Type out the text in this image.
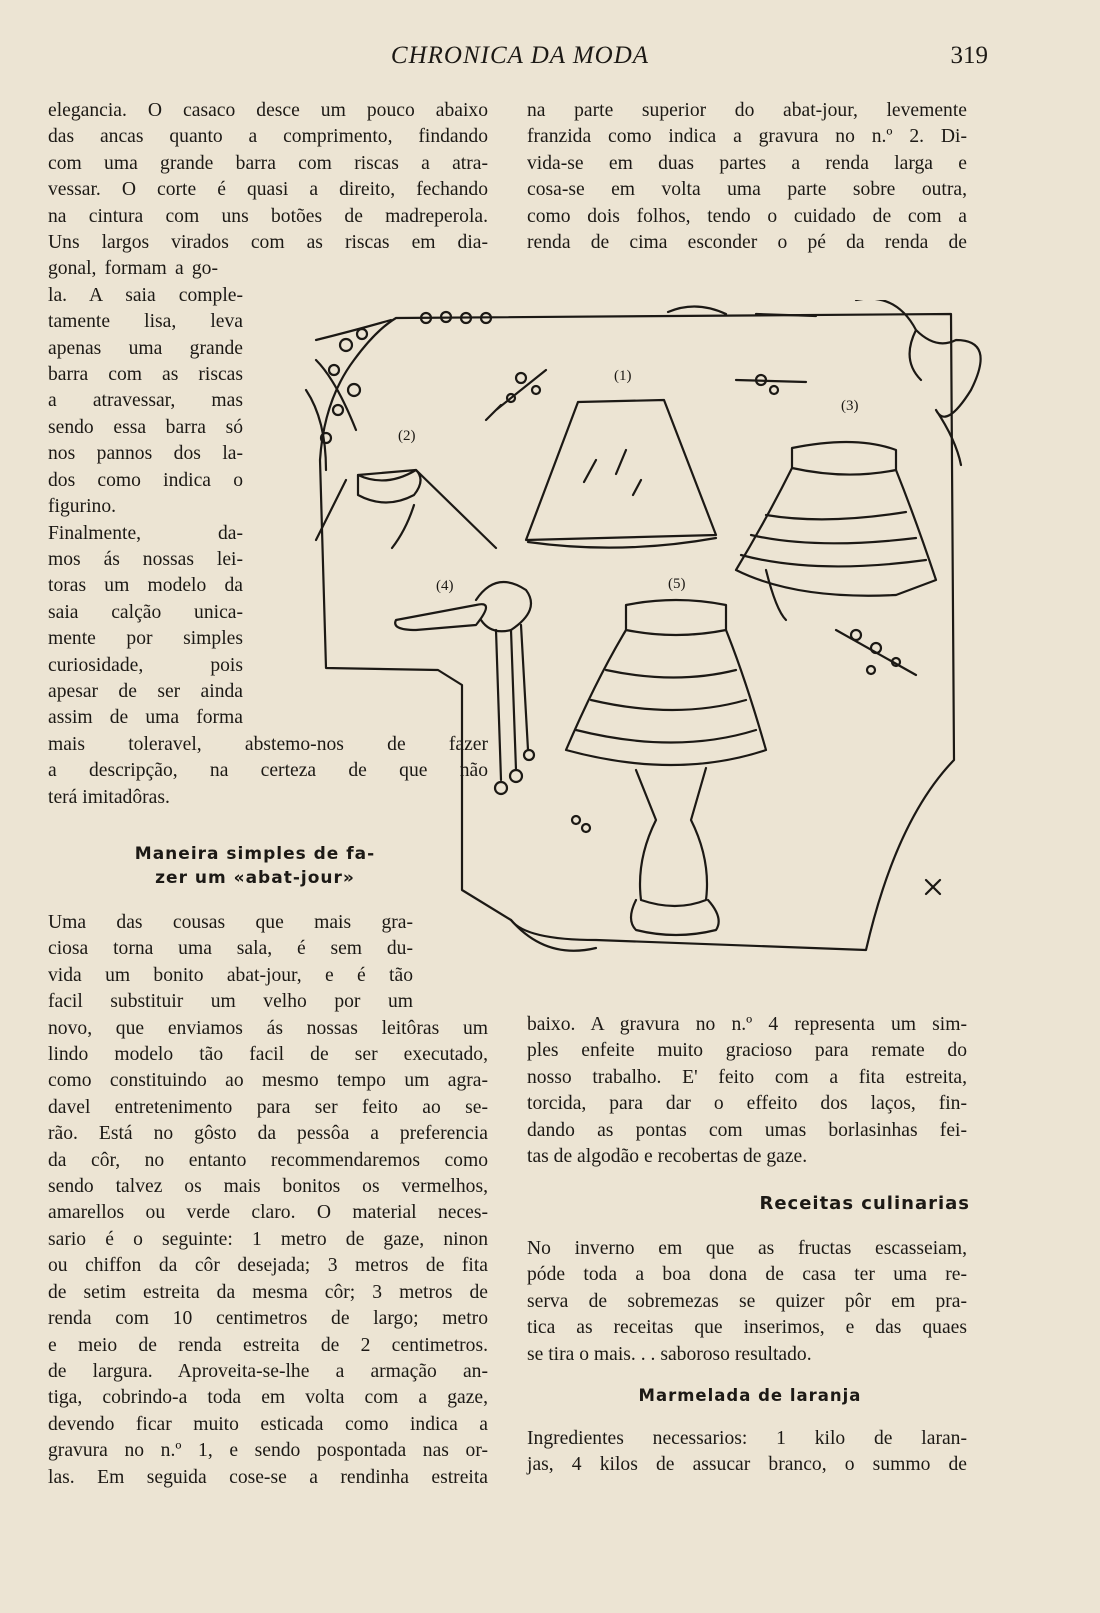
CHRONICA DA MODA	319
elegancia. O casaco desce um pouco abaixo
das ancas quanto a comprimento, findando
com uma grande barra com riscas a atra-
vessar. O corte é quasi a direito, fechando
na cintura com uns botões de madreperola.
Uns largos virados com as riscas em dia-
gonal, formam a go-
la. A saia comple-
tamente lisa, leva
apenas uma grande
barra com as riscas
a atravessar, mas
sendo essa barra só
nos pannos dos la-
dos como indica o
figurino.
Finalmente, da-
mos ás nossas lei-
toras um modelo da
saia calção unica-
mente por simples
curiosidade, pois
apesar de ser ainda
assim de uma forma
mais toleravel, abstemo-nos de fazer
a descripção, na certeza de que não
terá imitadôras.
Maneira simples de fa-
zer um «abat-jour»
Uma das cousas que mais gra-
ciosa torna uma sala, é sem du-
vida um bonito abat-jour, e é tão
facil substituir um velho por um
novo, que enviamos ás nossas leitôras um
lindo modelo tão facil de ser executado,
como constituindo ao mesmo tempo um agra-
davel entretenimento para ser feito ao se-
rão. Está no gôsto da pessôa a preferencia
da côr, no entanto recommendaremos como
sendo talvez os mais bonitos os vermelhos,
amarellos ou verde claro. O material neces-
sario é o seguinte: 1 metro de gaze, ninon
ou chiffon da côr desejada; 3 metros de fita
de setim estreita da mesma côr; 3 metros de
renda com 10 centimetros de largo; metro
e meio de renda estreita de 2 centimetros.
de largura. Aproveita-se-lhe a armação an-
tiga, cobrindo-a toda em volta com a gaze,
devendo ficar muito esticada como indica a
gravura no n.º 1, e sendo pospontada nas or-
las. Em seguida cose-se a rendinha estreita
na parte superior do abat-jour, levemente
franzida como indica a gravura no n.º 2. Di-
vida-se em duas partes a renda larga e
cosa-se em volta uma parte sobre outra,
como dois folhos, tendo o cuidado de com a
renda de cima esconder o pé da renda de
baixo. A gravura no n.º 4 representa um sim-
ples enfeite muito gracioso para remate do
nosso trabalho. E' feito com a fita estreita,
torcida, para dar o effeito dos laços, fin-
dando as pontas com umas borlasinhas fei-
tas de algodão e recobertas de gaze.
Receitas culinarias
No inverno em que as fructas escasseiam,
póde toda a boa dona de casa ter uma re-
serva de sobremezas se quizer pôr em pra-
tica as receitas que inserimos, e das quaes
se tira o mais. . . saboroso resultado.
Marmelada de laranja
Ingredientes necessarios: 1 kilo de laran-
jas, 4 kilos de assucar branco, o summo de
(1)
(2)
(3)
(4)	(5)
